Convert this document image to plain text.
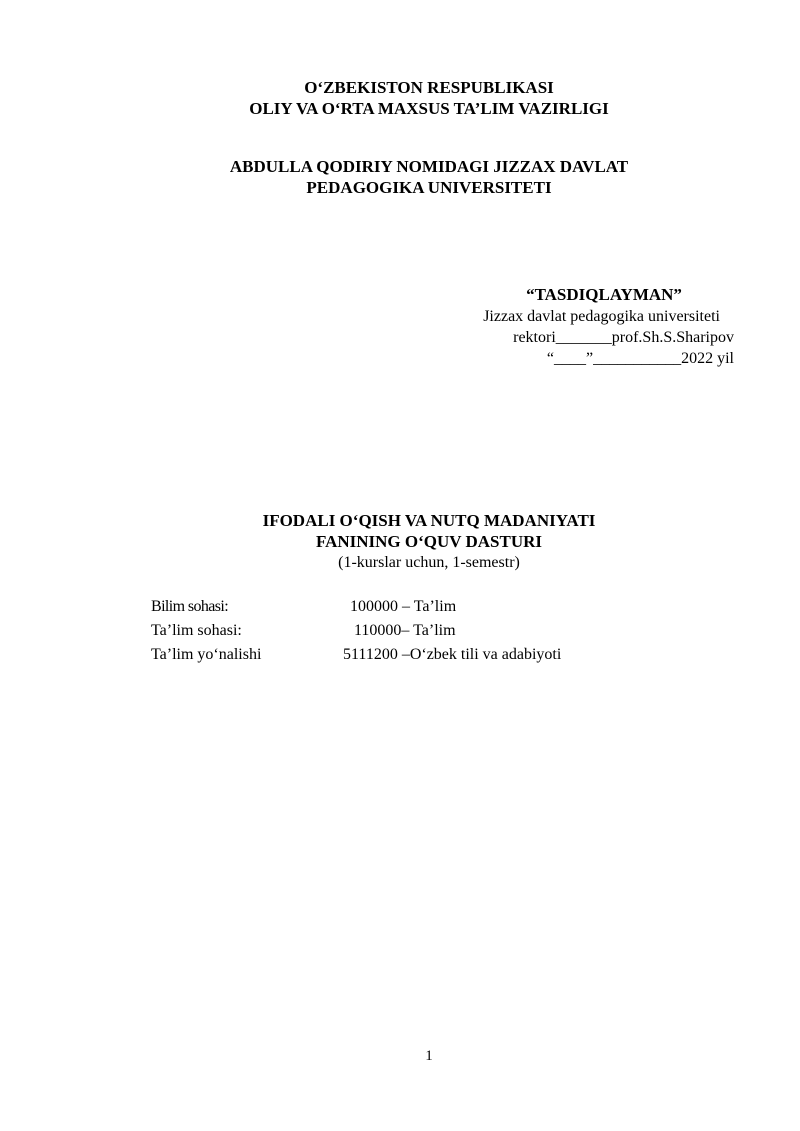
O‘ZBEKISTON RESPUBLIKASI
OLIY VA O‘RTA MAXSUS TA’LIM VAZIRLIGI
ABDULLA QODIRIY NOMIDAGI JIZZAX DAVLAT
PEDAGOGIKA UNIVERSITETI
“TASDIQLAYMAN”
Jizzax davlat pedagogika universiteti
rektori_______prof.Sh.S.Sharipov
“____”___________2022 yil
IFODALI O‘QISH VA NUTQ MADANIYATI
FANINING O‘QUV DASTURI
(1-kurslar uchun, 1-semestr)
Bilim sohasi:	100000 – Ta’lim
Ta’lim sohasi:	110000– Ta’lim
Ta’lim yo‘nalishi	5111200 –O‘zbek tili va adabiyoti
1
